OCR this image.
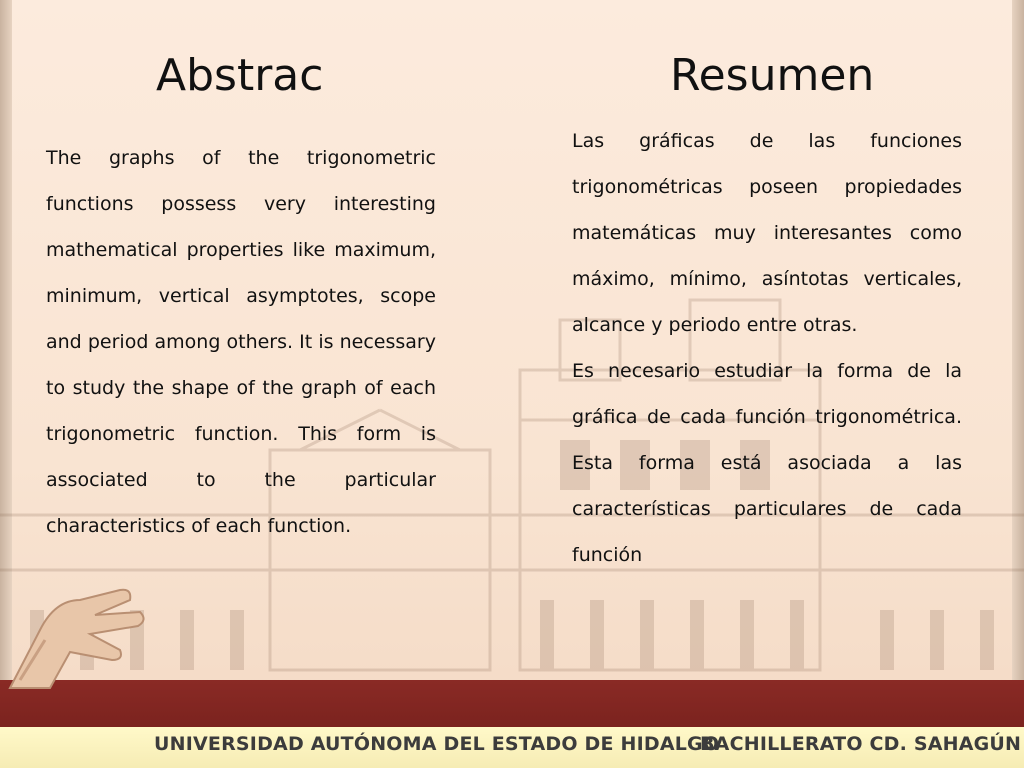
Abstrac	Resumen

The graphs of the trigonometric functions possess very interesting mathematical properties like maximum, minimum, vertical asymptotes, scope and period among others. It is necessary to study the shape of the graph of each trigonometric function. This form is associated to the particular characteristics of each function.

Las gráficas de las funciones trigonométricas poseen propiedades matemáticas muy interesantes como máximo, mínimo, asíntotas verticales, alcance y periodo entre otras.

Es necesario estudiar la forma de la gráfica de cada función trigonométrica. Esta forma está asociada a las características particulares de cada función

UNIVERSIDAD AUTÓNOMA DEL ESTADO DE HIDALGO

BACHILLERATO CD. SAHAGÚN
